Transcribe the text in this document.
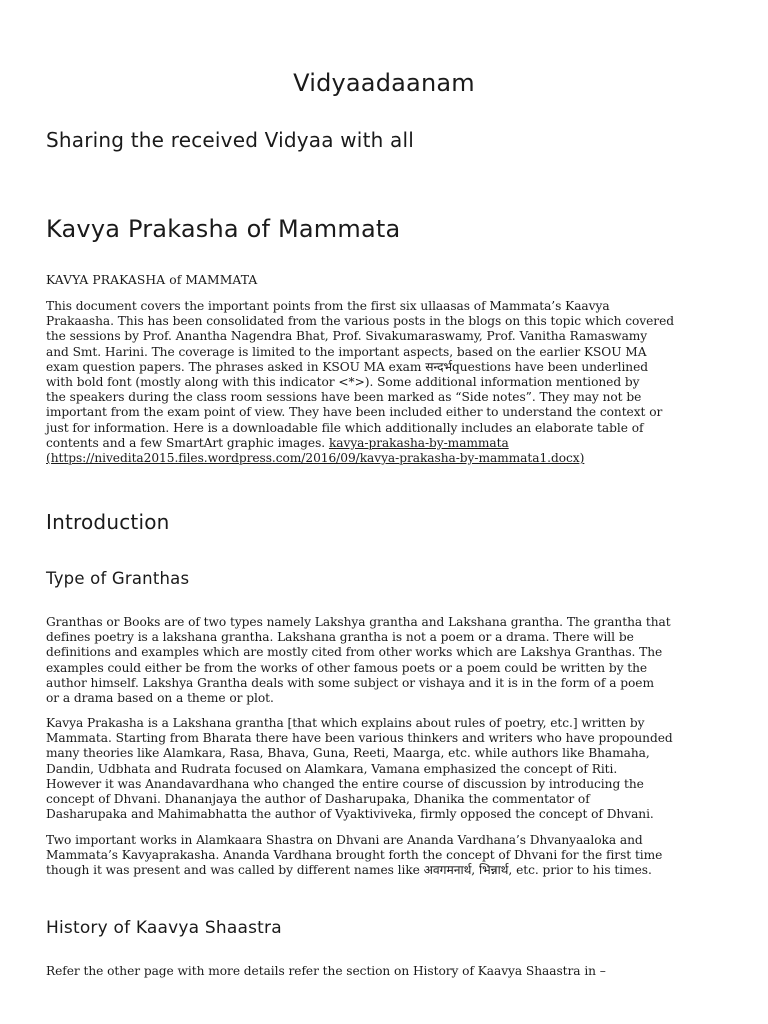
Vidyaadaanam
Sharing the received Vidyaa with all
Kavya Prakasha of Mammata
KAVYA PRAKASHA of MAMMATA
This document covers the important points from the first six ullaasas of Mammata’s Kaavya
Prakaasha. This has been consolidated from the various posts in the blogs on this topic which covered
the sessions by Prof. Anantha Nagendra Bhat, Prof. Sivakumaraswamy, Prof. Vanitha Ramaswamy
and Smt. Harini. The coverage is limited to the important aspects, based on the earlier KSOU MA
exam question papers. The phrases asked in KSOU MA exam सन्दर्भquestions have been underlined
with bold font (mostly along with this indicator <*>). Some additional information mentioned by
the speakers during the class room sessions have been marked as “Side notes”. They may not be
important from the exam point of view. They have been included either to understand the context or
just for information. Here is a downloadable file which additionally includes an elaborate table of
contents and a few SmartArt graphic images. kavya-prakasha-by-mammata
(https://nivedita2015.files.wordpress.com/2016/09/kavya-prakasha-by-mammata1.docx)
Introduction
Type of Granthas
Granthas or Books are of two types namely Lakshya grantha and Lakshana grantha. The grantha that
defines poetry is a lakshana grantha. Lakshana grantha is not a poem or a drama. There will be
definitions and examples which are mostly cited from other works which are Lakshya Granthas. The
examples could either be from the works of other famous poets or a poem could be written by the
author himself. Lakshya Grantha deals with some subject or vishaya and it is in the form of a poem
or a drama based on a theme or plot.
Kavya Prakasha is a Lakshana grantha [that which explains about rules of poetry, etc.] written by
Mammata. Starting from Bharata there have been various thinkers and writers who have propounded
many theories like Alamkara, Rasa, Bhava, Guna, Reeti, Maarga, etc. while authors like Bhamaha,
Dandin, Udbhata and Rudrata focused on Alamkara, Vamana emphasized the concept of Riti.
However it was Anandavardhana who changed the entire course of discussion by introducing the
concept of Dhvani. Dhananjaya the author of Dasharupaka, Dhanika the commentator of
Dasharupaka and Mahimabhatta the author of Vyaktiviveka, firmly opposed the concept of Dhvani.
Two important works in Alamkaara Shastra on Dhvani are Ananda Vardhana’s Dhvanyaaloka and
Mammata’s Kavyaprakasha. Ananda Vardhana brought forth the concept of Dhvani for the first time
though it was present and was called by different names like अवगमनार्थ, भिन्नार्थ, etc. prior to his times.
History of Kaavya Shaastra
Refer the other page with more details refer the section on History of Kaavya Shaastra in –
